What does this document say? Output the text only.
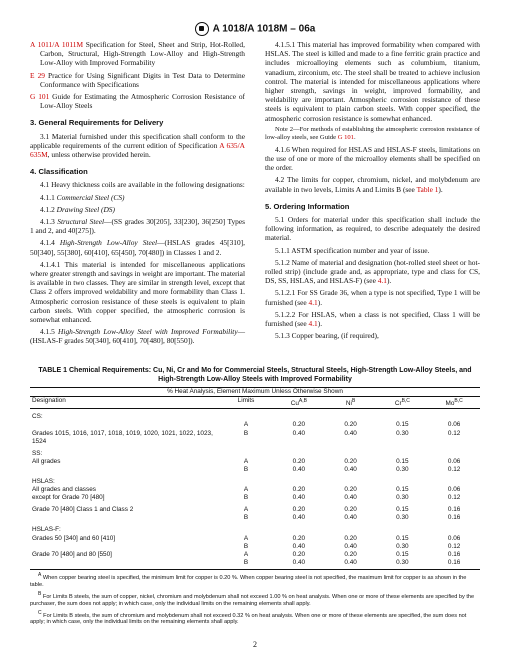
A 1018/A 1018M – 06a

A 1011/A 1011M Specification for Steel, Sheet and Strip, Hot-Rolled, Carbon, Structural, High-Strength Low-Alloy and High-Strength Low-Alloy with Improved Formability

E 29 Practice for Using Significant Digits in Test Data to Determine Conformance with Specifications

G 101 Guide for Estimating the Atmospheric Corrosion Resistance of Low-Alloy Steels

3. General Requirements for Delivery

3.1 Material furnished under this specification shall conform to the applicable requirements of the current edition of Specification A 635/A 635M, unless otherwise provided herein.

4. Classification

4.1 Heavy thickness coils are available in the following designations:

4.1.1 Commercial Steel (CS)

4.1.2 Drawing Steel (DS)

4.1.3 Structural Steel—(SS grades 30[205], 33[230], 36[250] Types 1 and 2, and 40[275]).

4.1.4 High-Strength Low-Alloy Steel—(HSLAS grades 45[310], 50[340], 55[380], 60[410], 65[450], 70[480]) in Classes 1 and 2.

4.1.4.1 This material is intended for miscellaneous applications where greater strength and savings in weight are important. The material is available in two classes. They are similar in strength level, except that Class 2 offers improved weldability and more formability than Class 1. Atmospheric corrosion resistance of these steels is equivalent to plain carbon steels. With copper specified, the atmospheric corrosion is somewhat enhanced.

4.1.5 High-Strength Low-Alloy Steel with Improved Formability—(HSLAS-F grades 50[340], 60[410], 70[480], 80[550]).

4.1.5.1 This material has improved formability when compared with HSLAS. The steel is killed and made to a fine ferritic grain practice and includes microalloying elements such as columbium, titanium, vanadium, zirconium, etc. The steel shall be treated to achieve inclusion control. The material is intended for miscellaneous applications where higher strength, savings in weight, improved formability, and weldability are important. Atmospheric corrosion resistance of these steels is equivalent to plain carbon steels. With copper specified, the atmospheric corrosion resistance is somewhat enhanced.

Note 2—For methods of establishing the atmospheric corrosion resistance of low-alloy steels, see Guide G 101.

4.1.6 When required for HSLAS and HSLAS-F steels, limitations on the use of one or more of the microalloy elements shall be specified on the order.

4.2 The limits for copper, chromium, nickel, and molybdenum are available in two levels, Limits A and Limits B (see Table 1).

5. Ordering Information

5.1 Orders for material under this specification shall include the following information, as required, to describe adequately the desired material.

5.1.1 ASTM specification number and year of issue.

5.1.2 Name of material and designation (hot-rolled steel sheet or hot-rolled strip) (include grade and, as appropriate, type and class for CS, DS, SS, HSLAS, and HSLAS-F) (see 4.1).

5.1.2.1 For SS Grade 36, when a type is not specified, Type 1 will be furnished (see 4.1).

5.1.2.2 For HSLAS, when a class is not specified, Class 1 will be furnished (see 4.1).

5.1.3 Copper bearing, (if required),

TABLE 1 Chemical Requirements: Cu, Ni, Cr and Mo for Commercial Steels, Structural Steels, High-Strength Low-Alloy Steels, and High-Strength Low-Alloy Steels with Improved Formability
% Heat Analysis, Element Maximum Unless Otherwise Shown					
Designation	Limits	$Cu^{A,B}$	$Ni^B$	$Cr^{B,C}$	$Mo^{B,C}$

CS:					
	A	0.20	0.20	0.15	0.06
Grades 1015, 1016, 1017, 1018, 1019, 1020, 1021, 1022, 1023, 1524	B	0.40	0.40	0.30	0.12

SS:					
All grades	A	0.20	0.20	0.15	0.06
	B	0.40	0.40	0.30	0.12

HSLAS:					
All grades and classes	A	0.20	0.20	0.15	0.06
except for Grade 70 [480]	B	0.40	0.40	0.30	0.12

Grade 70 [480] Class 1 and Class 2	A	0.20	0.20	0.15	0.16
	B	0.40	0.40	0.30	0.16

HSLAS-F:					
Grades 50 [340] and 60 [410]	A	0.20	0.20	0.15	0.06
	B	0.40	0.40	0.30	0.12
Grade 70 [480] and 80 [550]	A	0.20	0.20	0.15	0.16
	B	0.40	0.40	0.30	0.16

$^A$ When copper bearing steel is specified, the minimum limit for copper is 0.20 %. When copper bearing steel is not specified, the maximum limit for copper is as shown in the table.

$^B$ For Limits B steels, the sum of copper, nickel, chromium and molybdenum shall not exceed 1.00 % on heat analysis. When one or more of these elements are specified by the purchaser, the sum does not apply; in which case, only the individual limits on the remaining elements shall apply.

$^C$ For Limits B steels, the sum of chromium and molybdenum shall not exceed 0.32 % on heat analysis. When one or more of these elements are specified, the sum does not apply; in which case, only the individual limits on the remaining elements shall apply.

2
